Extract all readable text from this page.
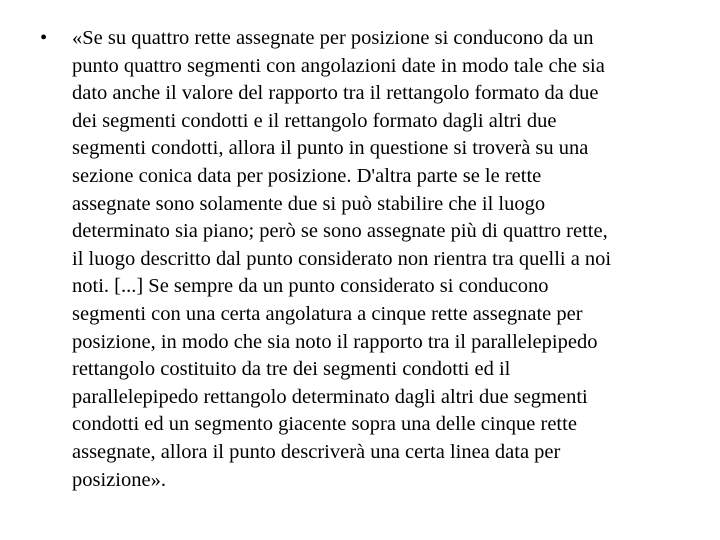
•	«Se su quattro rette assegnate per posizione si conducono da un
punto quattro segmenti con angolazioni date in modo tale che sia
dato anche il valore del rapporto tra il rettangolo formato da due
dei segmenti condotti e il rettangolo formato dagli altri due
segmenti condotti, allora il punto in questione si troverà su una
sezione conica data per posizione. D'altra parte se le rette
assegnate sono solamente due si può stabilire che il luogo
determinato sia piano; però se sono assegnate più di quattro rette,
il luogo descritto dal punto considerato non rientra tra quelli a noi
noti. [...] Se sempre da un punto considerato si conducono
segmenti con una certa angolatura a cinque rette assegnate per
posizione, in modo che sia noto il rapporto tra il parallelepipedo
rettangolo costituito da tre dei segmenti condotti ed il
parallelepipedo rettangolo determinato dagli altri due segmenti
condotti ed un segmento giacente sopra una delle cinque rette
assegnate, allora il punto descriverà una certa linea data per
posizione».
